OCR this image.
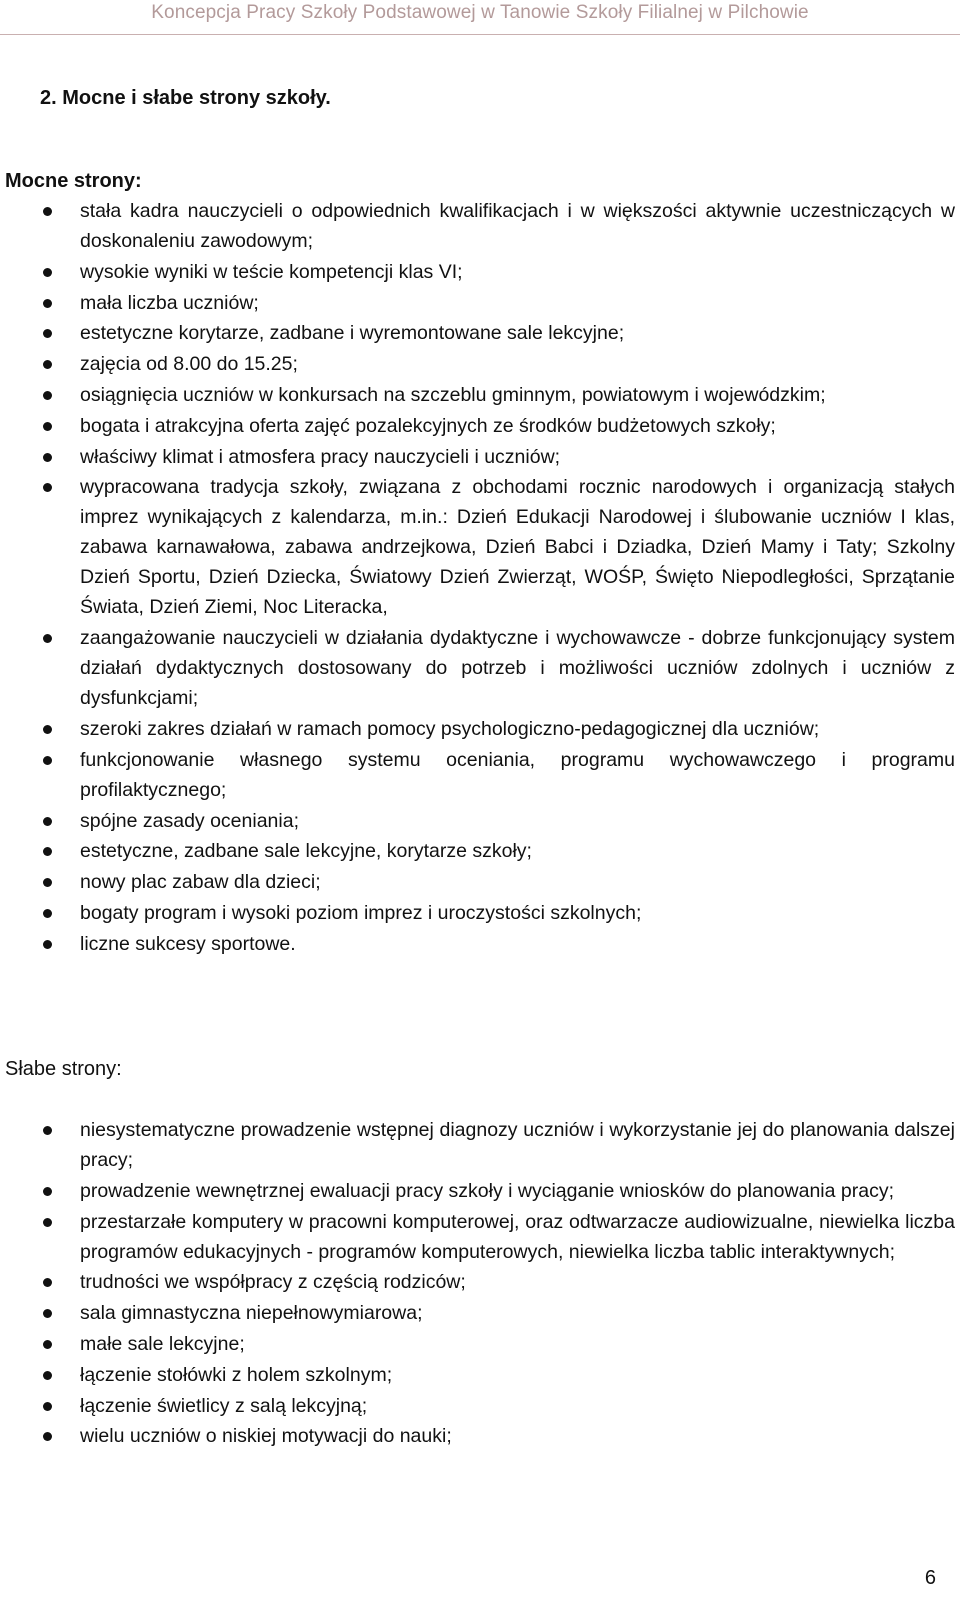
Koncepcja Pracy Szkoły Podstawowej w Tanowie Szkoły Filialnej w Pilchowie
2. Mocne i słabe strony szkoły.
Mocne strony:
stała kadra nauczycieli o odpowiednich kwalifikacjach i w większości aktywnie uczestniczących w doskonaleniu zawodowym;
wysokie wyniki w teście kompetencji klas VI;
mała liczba uczniów;
estetyczne korytarze, zadbane i wyremontowane sale lekcyjne;
zajęcia od 8.00 do 15.25;
osiągnięcia uczniów w konkursach na szczeblu gminnym, powiatowym i wojewódzkim;
bogata i atrakcyjna oferta zajęć pozalekcyjnych ze środków budżetowych szkoły;
właściwy klimat i atmosfera pracy nauczycieli i uczniów;
wypracowana tradycja szkoły, związana z obchodami rocznic narodowych i organizacją stałych imprez wynikających z kalendarza, m.in.: Dzień Edukacji Narodowej i ślubowanie uczniów I klas, zabawa karnawałowa, zabawa andrzejkowa, Dzień Babci i Dziadka, Dzień Mamy i Taty; Szkolny Dzień Sportu, Dzień Dziecka, Światowy Dzień Zwierząt, WOŚP, Święto Niepodległości, Sprzątanie Świata, Dzień Ziemi, Noc Literacka,
zaangażowanie nauczycieli w działania dydaktyczne i wychowawcze - dobrze funkcjonujący system działań dydaktycznych dostosowany do potrzeb i możliwości uczniów zdolnych i uczniów z dysfunkcjami;
szeroki zakres działań w ramach pomocy psychologiczno-pedagogicznej dla uczniów;
funkcjonowanie własnego systemu oceniania, programu wychowawczego i programu profilaktycznego;
spójne zasady oceniania;
estetyczne, zadbane sale lekcyjne, korytarze szkoły;
nowy plac zabaw dla dzieci;
bogaty program i wysoki poziom imprez i uroczystości szkolnych;
liczne sukcesy sportowe.
Słabe strony:
niesystematyczne prowadzenie wstępnej diagnozy uczniów i wykorzystanie jej do planowania dalszej pracy;
prowadzenie wewnętrznej ewaluacji pracy szkoły i wyciąganie wniosków do planowania pracy;
przestarzałe komputery w pracowni komputerowej, oraz odtwarzacze audiowizualne, niewielka liczba programów edukacyjnych - programów komputerowych, niewielka liczba tablic interaktywnych;
trudności we współpracy z częścią rodziców;
sala gimnastyczna niepełnowymiarowa;
małe sale lekcyjne;
łączenie stołówki z holem szkolnym;
łączenie świetlicy z salą lekcyjną;
wielu uczniów o niskiej motywacji do nauki;
6
